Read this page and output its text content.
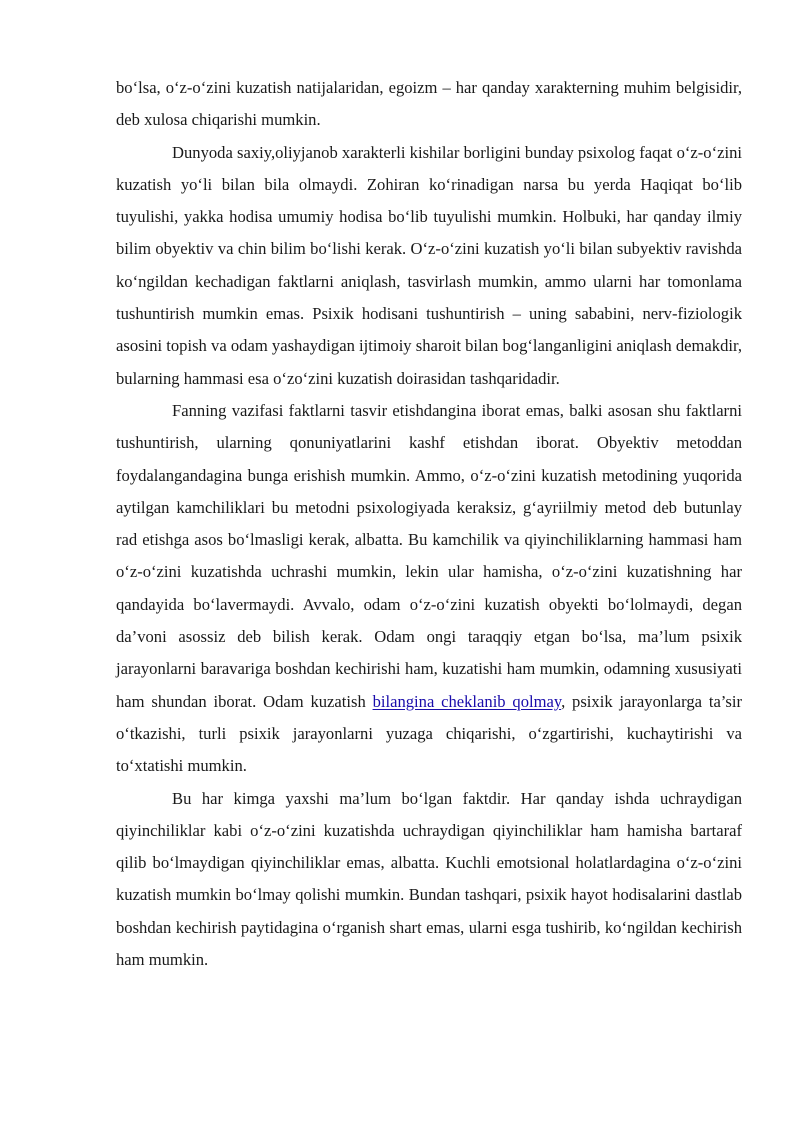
bo‘lsa, o‘z-o‘zini kuzatish natijalaridan, egoizm – har qanday xarakterning muhim belgisidir, deb xulosa chiqarishi mumkin.

Dunyoda saxiy,oliyjanob xarakterli kishilar borligini bunday psixolog faqat o‘z-o‘zini kuzatish yo‘li bilan bila olmaydi. Zohiran ko‘rinadigan narsa bu yerda Haqiqat bo‘lib tuyulishi, yakka hodisa umumiy hodisa bo‘lib tuyulishi mumkin. Holbuki, har qanday ilmiy bilim obyektiv va chin bilim bo‘lishi kerak. O‘z-o‘zini kuzatish yo‘li bilan subyektiv ravishda ko‘ngildan kechadigan faktlarni aniqlash, tasvirlash mumkin, ammo ularni har tomonlama tushuntirish mumkin emas. Psixik hodisani tushuntirish – uning sababini, nerv-fiziologik asosini topish va odam yashaydigan ijtimoiy sharoit bilan bog‘langanligini aniqlash demakdir, bularning hammasi esa o‘zo‘zini kuzatish doirasidan tashqaridadir.

Fanning vazifasi faktlarni tasvir etishdangina iborat emas, balki asosan shu faktlarni tushuntirish, ularning qonuniyatlarini kashf etishdan iborat. Obyektiv metoddan foydalangandagina bunga erishish mumkin. Ammo, o‘z-o‘zini kuzatish metodining yuqorida aytilgan kamchiliklari bu metodni psixologiyada keraksiz, g‘ayriilmiy metod deb butunlay rad etishga asos bo‘lmasligi kerak, albatta. Bu kamchilik va qiyinchiliklarning hammasi ham o‘z-o‘zini kuzatishda uchrashi mumkin, lekin ular hamisha, o‘z-o‘zini kuzatishning har qandayida bo‘lavermaydi. Avvalo, odam o‘z-o‘zini kuzatish obyekti bo‘lolmaydi, degan da’voni asossiz deb bilish kerak. Odam ongi taraqqiy etgan bo‘lsa, ma’lum psixik jarayonlarni baravariga boshdan kechirishi ham, kuzatishi ham mumkin, odamning xususiyati ham shundan iborat. Odam kuzatish bilangina cheklanib qolmay, psixik jarayonlarga ta’sir o‘tkazishi, turli psixik jarayonlarni yuzaga chiqarishi, o‘zgartirishi, kuchaytirishi va to‘xtatishi mumkin.

Bu har kimga yaxshi ma’lum bo‘lgan faktdir. Har qanday ishda uchraydigan qiyinchiliklar kabi o‘z-o‘zini kuzatishda uchraydigan qiyinchiliklar ham hamisha bartaraf qilib bo‘lmaydigan qiyinchiliklar emas, albatta. Kuchli emotsional holatlardagina o‘z-o‘zini kuzatish mumkin bo‘lmay qolishi mumkin. Bundan tashqari, psixik hayot hodisalarini dastlab boshdan kechirish paytidagina o‘rganish shart emas, ularni esga tushirib, ko‘ngildan kechirish ham mumkin.
